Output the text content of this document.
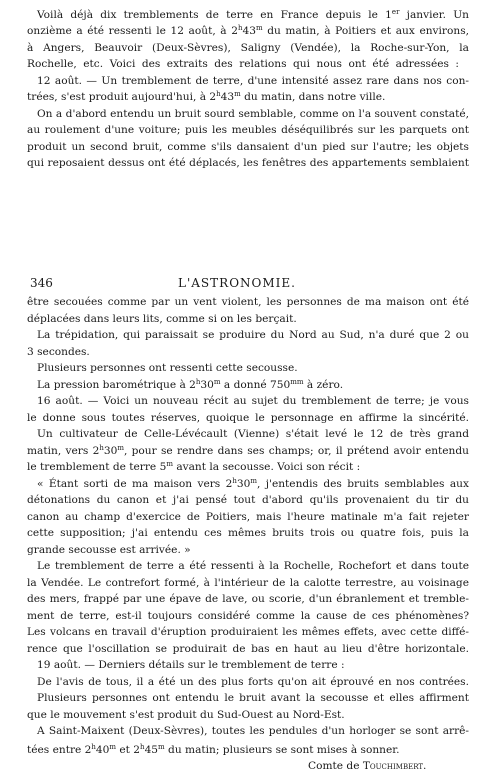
Voilà déjà dix tremblements de terre en France depuis le 1er janvier. Un
onzième a été ressenti le 12 août, à 2$^h$43$^m$ du matin, à Poitiers et aux environs,
à Angers, Beauvoir (Deux-Sèvres), Saligny (Vendée), la Roche-sur-Yon, la
Rochelle, etc. Voici des extraits des relations qui nous ont été adressées :
12 août. — Un tremblement de terre, d'une intensité assez rare dans nos con-
trées, s'est produit aujourd'hui, à 2$^h$43$^m$ du matin, dans notre ville.
On a d'abord entendu un bruit sourd semblable, comme on l'a souvent constaté,
au roulement d'une voiture; puis les meubles déséquilibrés sur les parquets ont
produit un second bruit, comme s'ils dansaient d'un pied sur l'autre; les objets
qui reposaient dessus ont été déplacés, les fenêtres des appartements semblaient
346	L'ASTRONOMIE.
être secouées comme par un vent violent, les personnes de ma maison ont été
déplacées dans leurs lits, comme si on les berçait.
La trépidation, qui paraissait se produire du Nord au Sud, n'a duré que 2 ou
3 secondes.
Plusieurs personnes ont ressenti cette secousse.
La pression barométrique à 2$^h$30$^m$ a donné $750^{mm}$ à zéro.
16 août. — Voici un nouveau récit au sujet du tremblement de terre; je vous
le donne sous toutes réserves, quoique le personnage en affirme la sincérité.
Un cultivateur de Celle-Lévécault (Vienne) s'était levé le 12 de très grand
matin, vers 2$^h$30$^m$, pour se rendre dans ses champs; or, il prétend avoir entendu
le tremblement de terre 5$^m$ avant la secousse. Voici son récit :
« Étant sorti de ma maison vers 2$^h$30$^m$, j'entendis des bruits semblables aux
détonations du canon et j'ai pensé tout d'abord qu'ils provenaient du tir du
canon au champ d'exercice de Poitiers, mais l'heure matinale m'a fait rejeter
cette supposition; j'ai entendu ces mêmes bruits trois ou quatre fois, puis la
grande secousse est arrivée. »
Le tremblement de terre a été ressenti à la Rochelle, Rochefort et dans toute
la Vendée. Le contrefort formé, à l'intérieur de la calotte terrestre, au voisinage
des mers, frappé par une épave de lave, ou scorie, d'un ébranlement et tremble-
ment de terre, est-il toujours considéré comme la cause de ces phénomènes?
Les volcans en travail d'éruption produiraient les mêmes effets, avec cette diffé-
rence que l'oscillation se produirait de bas en haut au lieu d'être horizontale.
19 août. — Derniers détails sur le tremblement de terre :
De l'avis de tous, il a été un des plus forts qu'on ait éprouvé en nos contrées.
Plusieurs personnes ont entendu le bruit avant la secousse et elles affirment
que le mouvement s'est produit du Sud-Ouest au Nord-Est.
A Saint-Maixent (Deux-Sèvres), toutes les pendules d'un horloger se sont arrê-
tées entre 2$^h$40$^m$ et 2$^h$45$^m$ du matin; plusieurs se sont mises à sonner.
Comte de Touchimbert.
